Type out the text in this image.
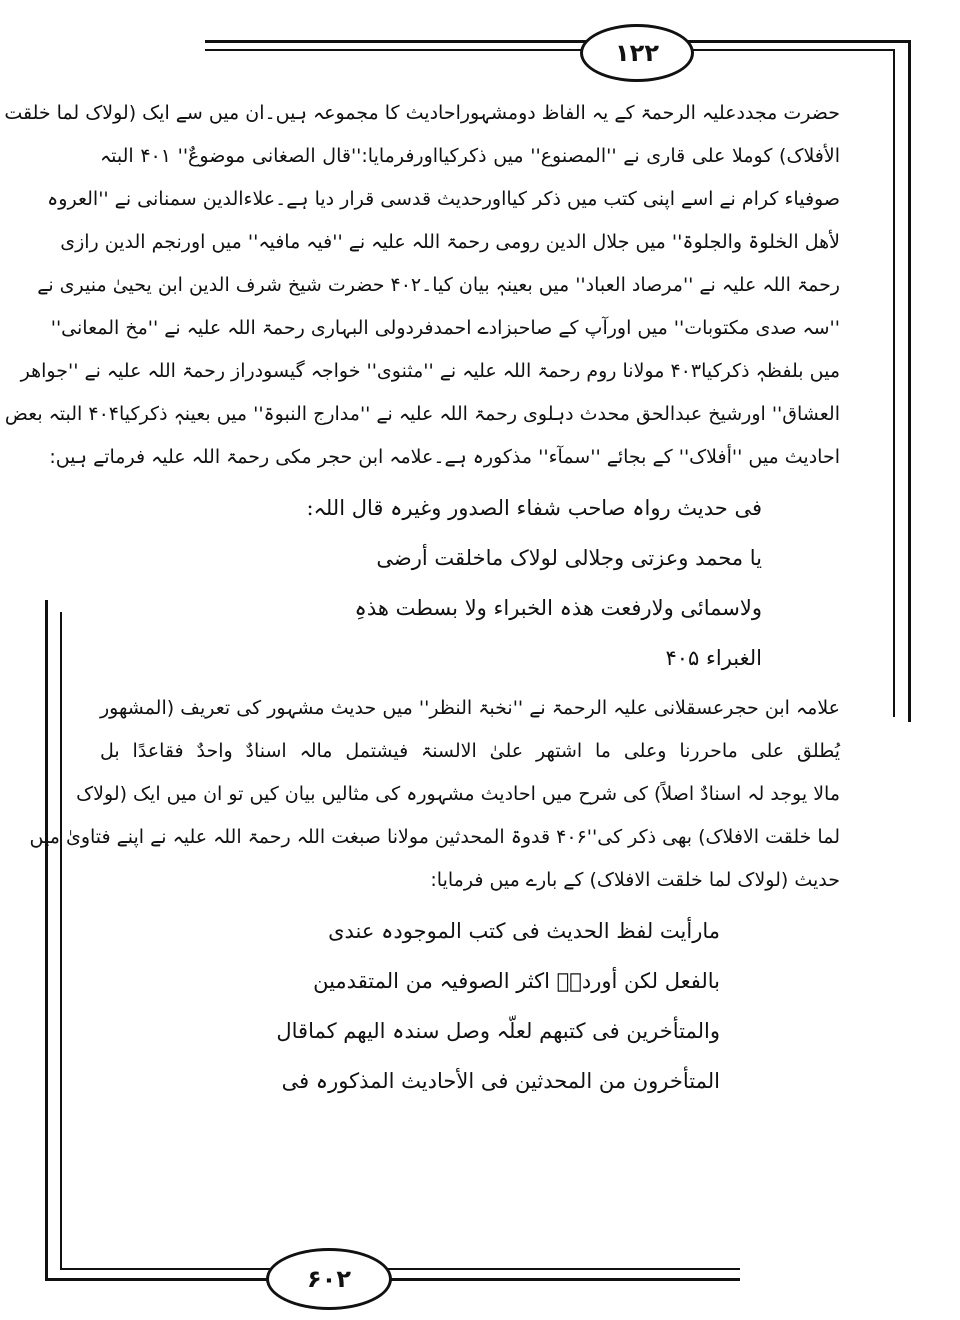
۱۲۲
۶۰۲
حضرت مجددعلیہ الرحمۃ کے یہ الفاظ دومشہوراحادیث کا مجموعہ ہیں۔ان میں سے ایک (لولاک لما خلقت
الأفلاک) کوملا علی قاری نے ''المصنوع'' میں ذکرکیااورفرمایا:''قال الصغانی موضوعٌ'' ۴۰۱ البتہ
صوفیاء کرام نے اسے اپنی کتب میں ذکر کیااورحدیث قدسی قرار دیا ہے۔علاءالدین سمنانی نے ''العروہ
لأھل الخلوۃ والجلوۃ'' میں جلال الدین رومی رحمۃ اللہ علیہ نے ''فیہ مافیہ'' میں اورنجم الدین رازی
رحمۃ اللہ علیہ نے ''مرصاد العباد'' میں بعینہٖ بیان کیا۔۴۰۲ حضرت شیخ شرف الدین ابن یحییٰ منیری نے
''سہ صدی مکتوبات'' میں اورآپ کے صاحبزادے احمدفردولی البہاری رحمۃ اللہ علیہ نے ''مخ المعانی''
میں بلفظہٖ ذکرکیا۴۰۳ مولانا روم رحمۃ اللہ علیہ نے ''مثنوی'' خواجہ گیسودراز رحمۃ اللہ علیہ نے ''جواھر
العشاق'' اورشیخ عبدالحق محدث دہلوی رحمۃ اللہ علیہ نے ''مدارج النبوۃ'' میں بعینہٖ ذکرکیا۴۰۴ البتہ بعض
احادیث میں ''أفلاک'' کے بجائے ''سمآء'' مذکورہ ہے۔علامہ ابن حجر مکی رحمۃ اللہ علیہ فرماتے ہیں:
فی حدیث رواہ صاحب شفاء الصدور وغیرہ قال اللہ:
یا محمد وعزتی وجلالی لولاک ماخلقت أرضی
ولاسمائی ولارفعت ھذہ الخبراء ولا بسطت ھذہِ
الغبراء ۴۰۵
علامہ ابن حجرعسقلانی علیہ الرحمۃ نے ''نخبۃ النظر'' میں حدیث مشہور کی تعریف (المشھور
یُطلق علی ماحررنا وعلی ما اشتھر علیٰ الالسنۃ فیشتمل مالہ اسنادٌ واحدٌ فقاعدًا بل
مالا یوجد لہ اسنادٌ اصلاً) کی شرح میں احادیث مشہورہ کی مثالیں بیان کیں تو ان میں ایک (لولاک
لما خلقت الافلاک) بھی ذکر کی''۴۰۶ قدوۃ المحدثین مولانا صبغت اللہ رحمۃ اللہ علیہ نے اپنے فتاویٰ میں
حدیث (لولاک لما خلقت الافلاک) کے بارے میں فرمایا:
مارأیت لفظ الحدیث فی کتب الموجودہ عندی
بالفعل لکن أوردہٗ اکثر الصوفیہ من المتقدمین
والمتأخرین فی کتبھم لعلّہ وصل سندہ الیھم کماقال
المتأخرون من المحدثین فی الأحادیث المذکورہ فی
